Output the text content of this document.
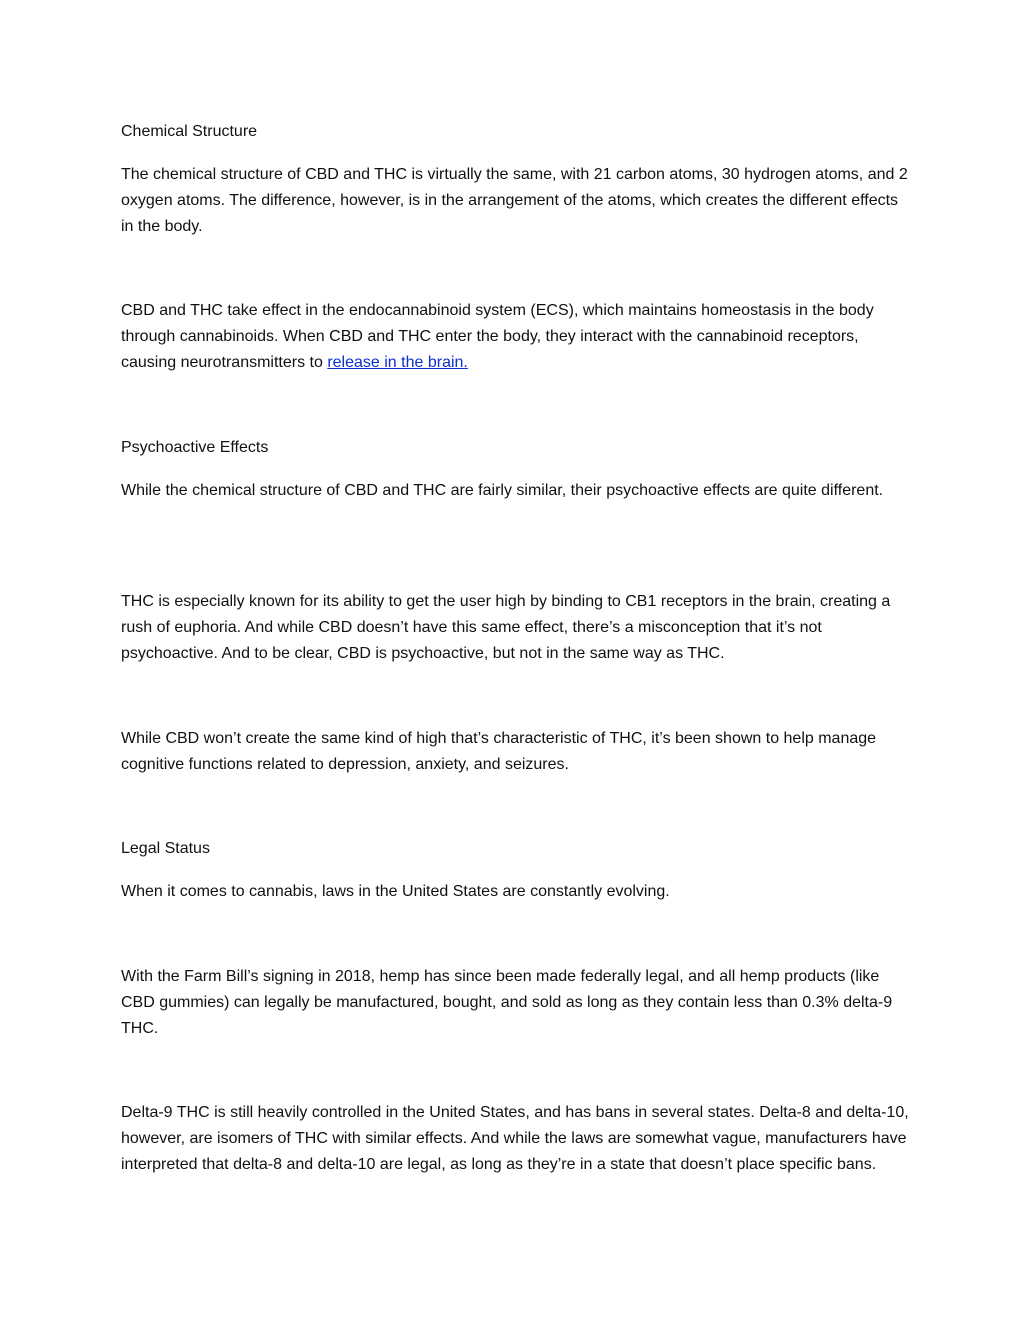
Chemical Structure

The chemical structure of CBD and THC is virtually the same, with 21 carbon atoms, 30 hydrogen atoms, and 2 oxygen atoms. The difference, however, is in the arrangement of the atoms, which creates the different effects in the body.

CBD and THC take effect in the endocannabinoid system (ECS), which maintains homeostasis in the body through cannabinoids. When CBD and THC enter the body, they interact with the cannabinoid receptors, causing neurotransmitters to release in the brain.

Psychoactive Effects

While the chemical structure of CBD and THC are fairly similar, their psychoactive effects are quite different.

THC is especially known for its ability to get the user high by binding to CB1 receptors in the brain, creating a rush of euphoria. And while CBD doesn’t have this same effect, there’s a misconception that it’s not psychoactive. And to be clear, CBD is psychoactive, but not in the same way as THC.

While CBD won’t create the same kind of high that’s characteristic of THC, it’s been shown to help manage cognitive functions related to depression, anxiety, and seizures.

Legal Status

When it comes to cannabis, laws in the United States are constantly evolving.

With the Farm Bill’s signing in 2018, hemp has since been made federally legal, and all hemp products (like CBD gummies) can legally be manufactured, bought, and sold as long as they contain less than 0.3% delta-9 THC.

Delta-9 THC is still heavily controlled in the United States, and has bans in several states. Delta-8 and delta-10, however, are isomers of THC with similar effects. And while the laws are somewhat vague, manufacturers have interpreted that delta-8 and delta-10 are legal, as long as they’re in a state that doesn’t place specific bans.
